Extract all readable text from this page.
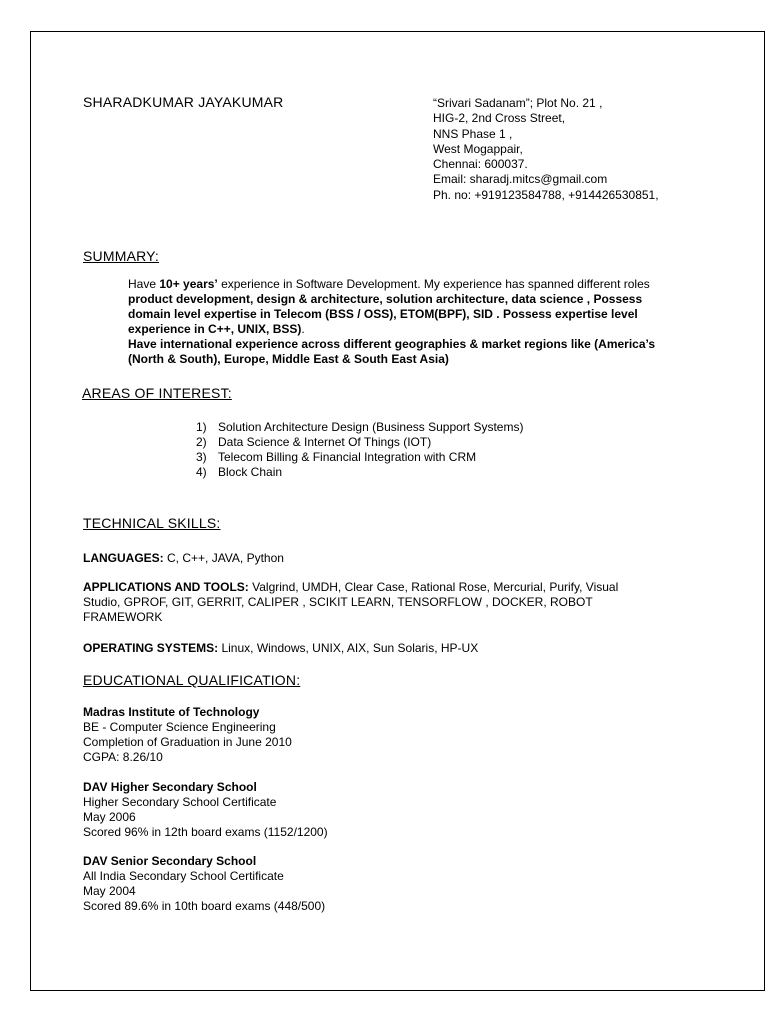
SHARADKUMAR JAYAKUMAR	“Srivari Sadanam”; Plot No. 21 ,
HIG-2, 2nd Cross Street,
NNS Phase 1 ,
West Mogappair,
Chennai: 600037.
Email: sharadj.mitcs@gmail.com
Ph. no: +919123584788, +914426530851,
SUMMARY:
Have 10+ years’ experience in Software Development. My experience has spanned different roles product development, design & architecture, solution architecture, data science , Possess domain level expertise in Telecom (BSS / OSS), ETOM(BPF), SID . Possess expertise level experience in C++, UNIX, BSS).
Have international experience across different geographies & market regions like (America’s (North & South), Europe, Middle East & South East Asia)
AREAS OF INTEREST:
1) Solution Architecture Design (Business Support Systems)
2) Data Science & Internet Of Things (IOT)
3) Telecom Billing & Financial Integration with CRM
4) Block Chain
TECHNICAL SKILLS:
LANGUAGES: C, C++, JAVA, Python
APPLICATIONS AND TOOLS: Valgrind, UMDH, Clear Case, Rational Rose, Mercurial, Purify, Visual Studio, GPROF, GIT, GERRIT, CALIPER , SCIKIT LEARN, TENSORFLOW , DOCKER, ROBOT FRAMEWORK
OPERATING SYSTEMS: Linux, Windows, UNIX, AIX, Sun Solaris, HP-UX
EDUCATIONAL QUALIFICATION:
Madras Institute of Technology
BE - Computer Science Engineering
Completion of Graduation in June 2010
CGPA: 8.26/10
DAV Higher Secondary School
Higher Secondary School Certificate
May 2006
Scored 96% in 12th board exams (1152/1200)
DAV Senior Secondary School
All India Secondary School Certificate
May 2004
Scored 89.6% in 10th board exams (448/500)
